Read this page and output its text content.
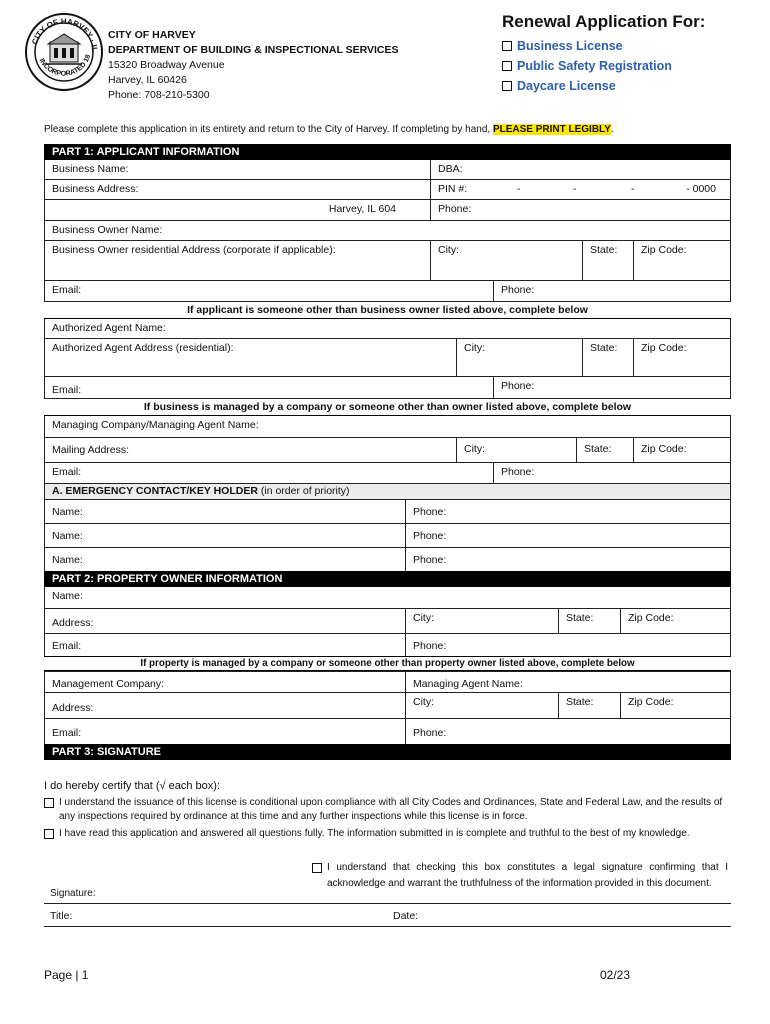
CITY OF HARVEY · IL
INCORPORATED 18
CITY OF HARVEY
DEPARTMENT OF BUILDING & INSPECTIONAL SERVICES
15320 Broadway Avenue
Harvey, IL 60426
Phone: 708-210-5300
Renewal Application For:
Business License
Public Safety Registration
Daycare License
Please complete this application in its entirety and return to the City of Harvey. If completing by hand, PLEASE PRINT LEGIBLY.
PART 1: APPLICANT INFORMATION
Business Name:	DBA:
Business Address:	PIN #:	-	-	-	- 0000
Harvey, IL 604	Phone:
Business Owner Name:
Business Owner residential Address (corporate if applicable):	City:	State:	Zip Code:
Email:	Phone:
If applicant is someone other than business owner listed above, complete below
Authorized Agent Name:
Authorized Agent Address (residential):	City:	State:	Zip Code:
Email:	Phone:
If business is managed by a company or someone other than owner listed above, complete below
Managing Company/Managing Agent Name:
Mailing Address:	City:	State:	Zip Code:
Email:	Phone:
A. EMERGENCY CONTACT/KEY HOLDER (in order of priority)
Name:	Phone:
Name:	Phone:
Name:	Phone:
PART 2: PROPERTY OWNER INFORMATION
Name:
Address:	City:	State:	Zip Code:
Email:	Phone:
If property is managed by a company or someone other than property owner listed above, complete below
Management Company:	Managing Agent Name:
Address:	City:	State:	Zip Code:
Email:	Phone:
PART 3: SIGNATURE
I do hereby certify that (√ each box):
I understand the issuance of this license is conditional upon compliance with all City Codes and Ordinances, State and Federal Law, and the results of any inspections required by ordinance at this time and any further inspections while this license is in force.
I have read this application and answered all questions fully. The information submitted in is complete and truthful to the best of my knowledge.
I understand that checking this box constitutes a legal signature confirming that I acknowledge and warrant the truthfulness of the information provided in this document.
Signature:
Title:	Date:
Page | 1	02/23
